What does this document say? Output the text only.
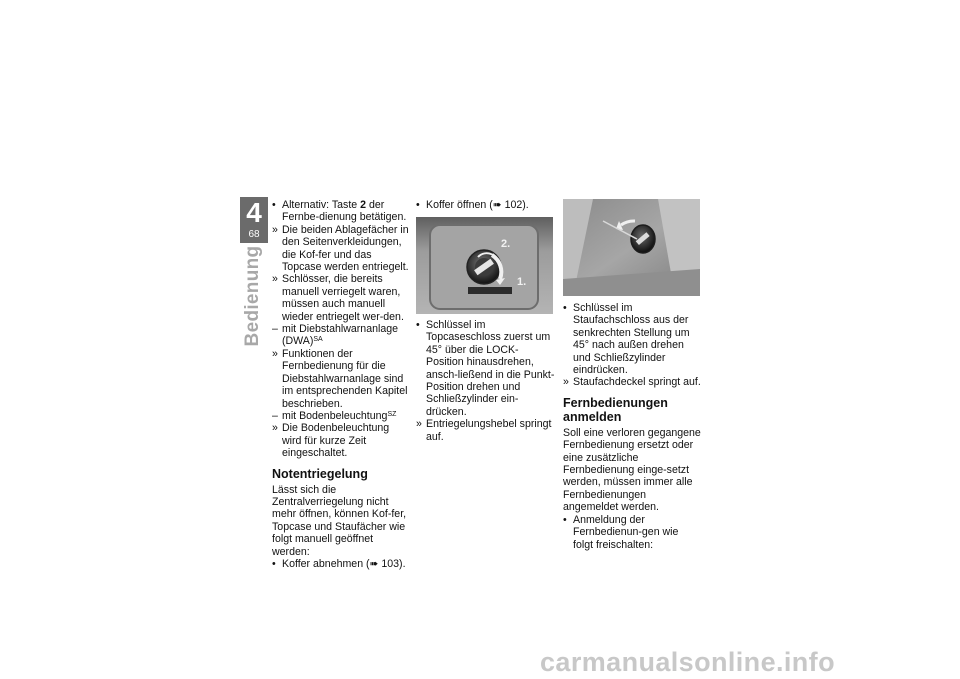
4
68
Bedienung

• Alternativ: Taste 2 der Fernbe-dienung betätigen.

» Die beiden Ablagefächer in den Seitenverkleidungen, die Kof-fer und das Topcase werden entriegelt.

» Schlösser, die bereits manuell verriegelt waren, müssen auch manuell wieder entriegelt wer-den.

– mit Diebstahlwarnanlage (DWA)$^{SA}$

» Funktionen der Fernbedienung für die Diebstahlwarnanlage sind im entsprechenden Kapitel beschrieben.

– mit Bodenbeleuchtung$^{SZ}$

» Die Bodenbeleuchtung wird für kurze Zeit eingeschaltet.

Notentriegelung

Lässt sich die Zentralverriegelung nicht mehr öffnen, können Kof-fer, Topcase und Staufächer wie folgt manuell geöffnet werden:

• Koffer abnehmen (➠ 103).

• Koffer öffnen (➠ 102).

2.
1.

• Schlüssel im Topcaseschloss zuerst um 45° über die LOCK-Position hinausdrehen, ansch-ließend in die Punkt-Position drehen und Schließzylinder ein-drücken.

» Entriegelungshebel springt auf.

• Schlüssel im Staufachschloss aus der senkrechten Stellung um 45° nach außen drehen und Schließzylinder eindrücken.

» Staufachdeckel springt auf.

Fernbedienungen anmelden

Soll eine verloren gegangene Fernbedienung ersetzt oder eine zusätzliche Fernbedienung einge-setzt werden, müssen immer alle Fernbedienungen angemeldet werden.

• Anmeldung der Fernbedienun-gen wie folgt freischalten:

carmanualsonline.info
